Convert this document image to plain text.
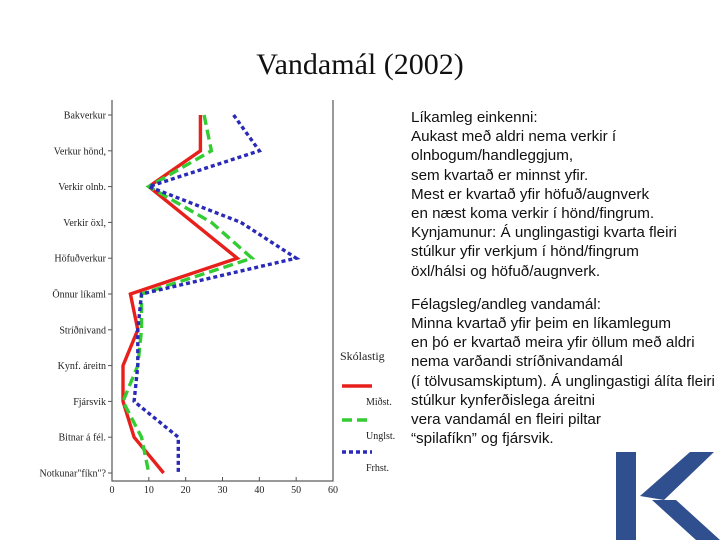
Vandamál (2002)
Bakverkur
Verkur hönd,
Verkir olnb.
Verkir öxl,
Höfuðverkur
Önnur líkaml
Stríðnivand
Kynf. áreitn
Fjársvik
Bitnar á fél.
Notkunar"fíkn"?
0	10	20	30	40	50	60
Skólastig
Miðst.
Unglst.
Frhst.

Líkamleg einkenni:
Aukast með aldri nema verkir í olnbogum/handleggjum,
sem kvartað er minnst yfir.
Mest er kvartað yfir höfuð/augnverk
en næst koma verkir í hönd/fingrum.
Kynjamunur: Á unglingastigi kvarta fleiri stúlkur yfir verkjum í hönd/fingrum
öxl/hálsi og höfuð/augnverk.

Félagsleg/andleg vandamál:
Minna kvartað yfir þeim en líkamlegum
en þó er kvartað meira yfir öllum með aldri nema varðandi stríðnivandamál
(í tölvusamskiptum). Á unglingastigi álíta fleiri stúlkur kynferðislega áreitni
vera vandamál en fleiri piltar
“spilafíkn” og fjársvik.
